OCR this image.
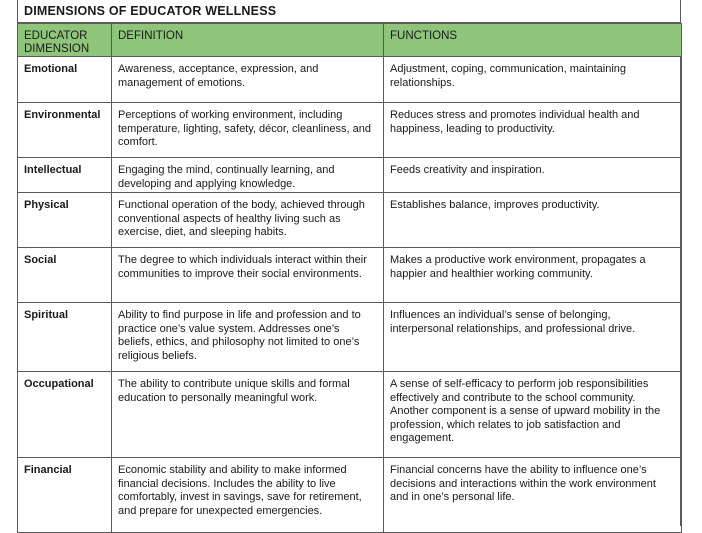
DIMENSIONS OF EDUCATOR WELLNESS
EDUCATOR
DIMENSION	DEFINITION	FUNCTIONS
Emotional	Awareness, acceptance, expression, and management of emotions.	Adjustment, coping, communication, maintaining relationships.
Environmental	Perceptions of working environment, including temperature, lighting, safety, décor, cleanliness, and comfort.	Reduces stress and promotes individual health and happiness, leading to productivity.
Intellectual	Engaging the mind, continually learning, and developing and applying knowledge.	Feeds creativity and inspiration.
Physical	Functional operation of the body, achieved through conventional aspects of healthy living such as exercise, diet, and sleeping habits.	Establishes balance, improves productivity.
Social	The degree to which individuals interact within their communities to improve their social environments.	Makes a productive work environment, propagates a happier and healthier working community.
Spiritual	Ability to find purpose in life and profession and to practice one’s value system. Addresses one’s beliefs, ethics, and philosophy not limited to one’s religious beliefs.	Influences an individual’s sense of belonging, interpersonal relationships, and professional drive.
Occupational	The ability to contribute unique skills and formal education to personally meaningful work.	A sense of self-efficacy to perform job responsibilities effectively and contribute to the school community. Another component is a sense of upward mobility in the profession, which relates to job satisfaction and engagement.
Financial	Economic stability and ability to make informed financial decisions. Includes the ability to live comfortably, invest in savings, save for retirement, and prepare for unexpected emergencies.	Financial concerns have the ability to influence one’s decisions and interactions within the work environment and in one’s personal life.
